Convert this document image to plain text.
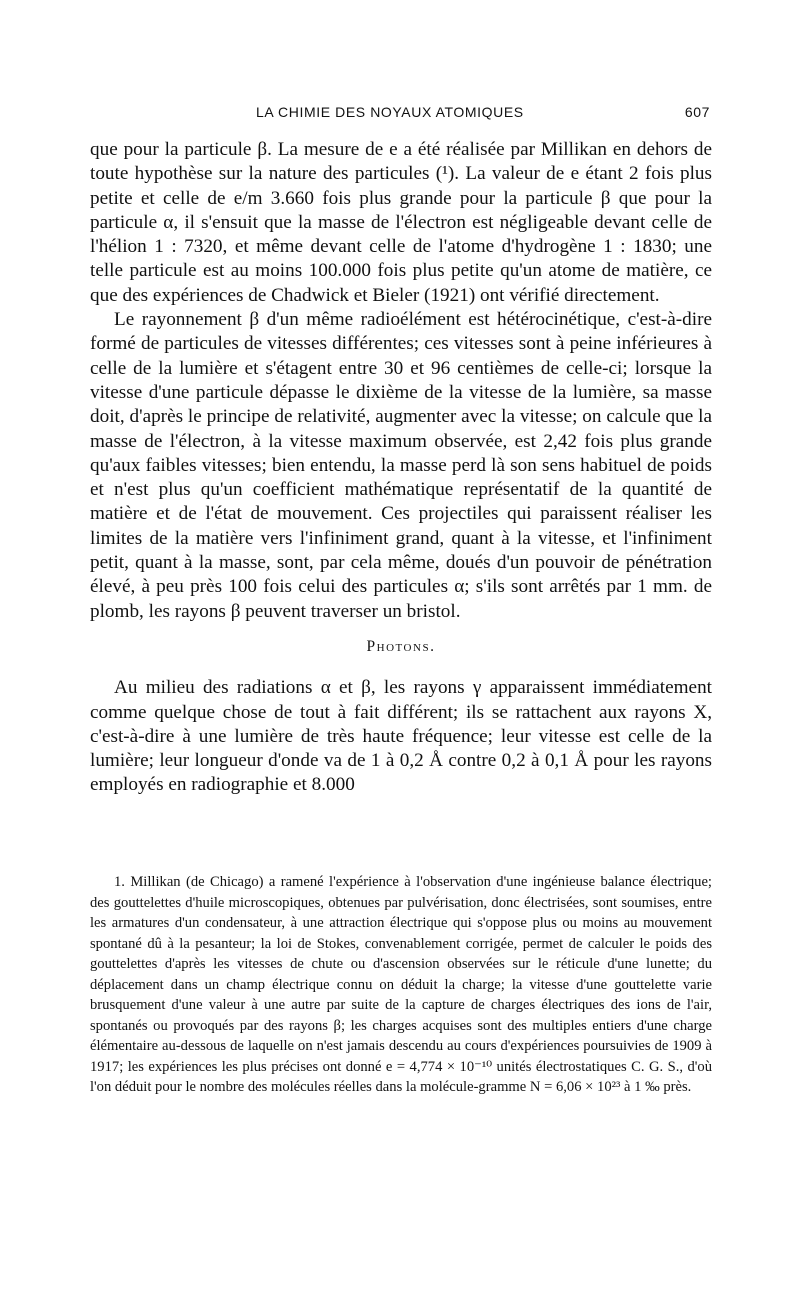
LA CHIMIE DES NOYAUX ATOMIQUES	607

que pour la particule β. La mesure de e a été réalisée par Millikan en dehors de toute hypothèse sur la nature des particules (¹). La valeur de e étant 2 fois plus petite et celle de e/m 3.660 fois plus grande pour la particule β que pour la particule α, il s'ensuit que la masse de l'électron est négligeable devant celle de l'hélion 1 : 7320, et même devant celle de l'atome d'hydrogène 1 : 1830; une telle particule est au moins 100.000 fois plus petite qu'un atome de matière, ce que des expériences de Chadwick et Bieler (1921) ont vérifié directement.

Le rayonnement β d'un même radioélément est hétérocinétique, c'est-à-dire formé de particules de vitesses différentes; ces vitesses sont à peine inférieures à celle de la lumière et s'étagent entre 30 et 96 centièmes de celle-ci; lorsque la vitesse d'une particule dépasse le dixième de la vitesse de la lumière, sa masse doit, d'après le principe de relativité, augmenter avec la vitesse; on calcule que la masse de l'électron, à la vitesse maximum observée, est 2,42 fois plus grande qu'aux faibles vitesses; bien entendu, la masse perd là son sens habituel de poids et n'est plus qu'un coefficient mathématique représentatif de la quantité de matière et de l'état de mouvement. Ces projectiles qui paraissent réaliser les limites de la matière vers l'infiniment grand, quant à la vitesse, et l'infiniment petit, quant à la masse, sont, par cela même, doués d'un pouvoir de pénétration élevé, à peu près 100 fois celui des particules α; s'ils sont arrêtés par 1 mm. de plomb, les rayons β peuvent traverser un bristol.

Photons.

Au milieu des radiations α et β, les rayons γ apparaissent immédiatement comme quelque chose de tout à fait différent; ils se rattachent aux rayons X, c'est-à-dire à une lumière de très haute fréquence; leur vitesse est celle de la lumière; leur longueur d'onde va de 1 à 0,2 Å contre 0,2 à 0,1 Å pour les rayons employés en radiographie et 8.000

1. Millikan (de Chicago) a ramené l'expérience à l'observation d'une ingénieuse balance électrique; des gouttelettes d'huile microscopiques, obtenues par pulvérisation, donc électrisées, sont soumises, entre les armatures d'un condensateur, à une attraction électrique qui s'oppose plus ou moins au mouvement spontané dû à la pesanteur; la loi de Stokes, convenablement corrigée, permet de calculer le poids des gouttelettes d'après les vitesses de chute ou d'ascension observées sur le réticule d'une lunette; du déplacement dans un champ électrique connu on déduit la charge; la vitesse d'une gouttelette varie brusquement d'une valeur à une autre par suite de la capture de charges électriques des ions de l'air, spontanés ou provoqués par des rayons β; les charges acquises sont des multiples entiers d'une charge élémentaire au-dessous de laquelle on n'est jamais descendu au cours d'expériences poursuivies de 1909 à 1917; les expériences les plus précises ont donné e = 4,774 × 10⁻¹⁰ unités électrostatiques C. G. S., d'où l'on déduit pour le nombre des molécules réelles dans la molécule-gramme N = 6,06 × 10²³ à 1 ‰ près.
